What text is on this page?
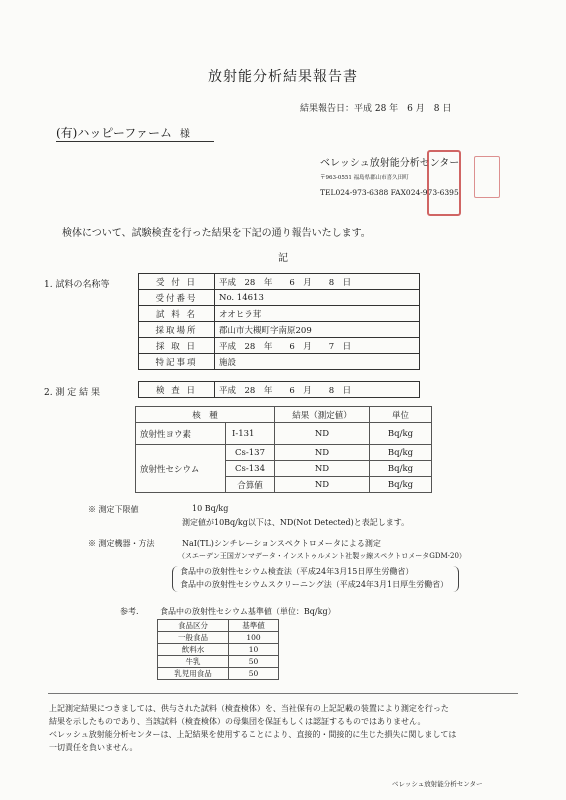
放射能分析結果報告書
結果報告日：平成 28 年　6 月　8 日
(有)ハッピーファーム 様
ベレッシュ放射能分析センター
〒963-0551 福島県郡山市喜久田町
TEL024-973-6388 FAX024-973-6395
検体について、試験検査を行った結果を下記の通り報告いたします。
記
1. 試料の名称等	受 付 日	平成　28　年　　6　月　　8　日
受付番号	No. 14613
試 料 名	オオヒラ茸
採取場所	郡山市大槻町字南原209
採 取 日	平成　28　年　　6　月　　7　日
特記事項	施設
2. 測 定 結 果	検 査 日	平成　28　年　　6　月　　8　日
核　種		結果（測定値）	単位
放射性ヨウ素	I-131	ND	Bq/kg
放射性セシウム	Cs-137	ND	Bq/kg
	Cs-134	ND	Bq/kg
	合算値	ND	Bq/kg
※ 測定下限値	10 Bq/kg
測定値が10Bq/kg以下は、ND(Not Detected)と表記します。
※ 測定機器・方法	NaI(TL)シンチレーションスペクトロメータによる測定
（スエーデン王国ガンマデータ・インストゥルメント社製ッ線スペクトロメータGDM-20）
食品中の放射性セシウム検査法（平成24年3月15日厚生労働省）
食品中の放射性セシウムスクリーニング法（平成24年3月1日厚生労働省）
参考.	食品中の放射性セシウム基準値（単位：Bq/kg）
食品区分	基準値
一般食品	100
飲料水	10
牛乳	50
乳児用食品	50
上記測定結果につきましては、供与された試料（検査検体）を、当社保有の上記記載の装置により測定を行った
結果を示したものであり、当該試料（検査検体）の母集団を保証もしくは認証するものではありません。
ベレッシュ放射能分析センターは、上記結果を使用することにより、直接的・間接的に生じた損失に関しましては
一切責任を負いません。
ベレッシュ放射能分析センター
